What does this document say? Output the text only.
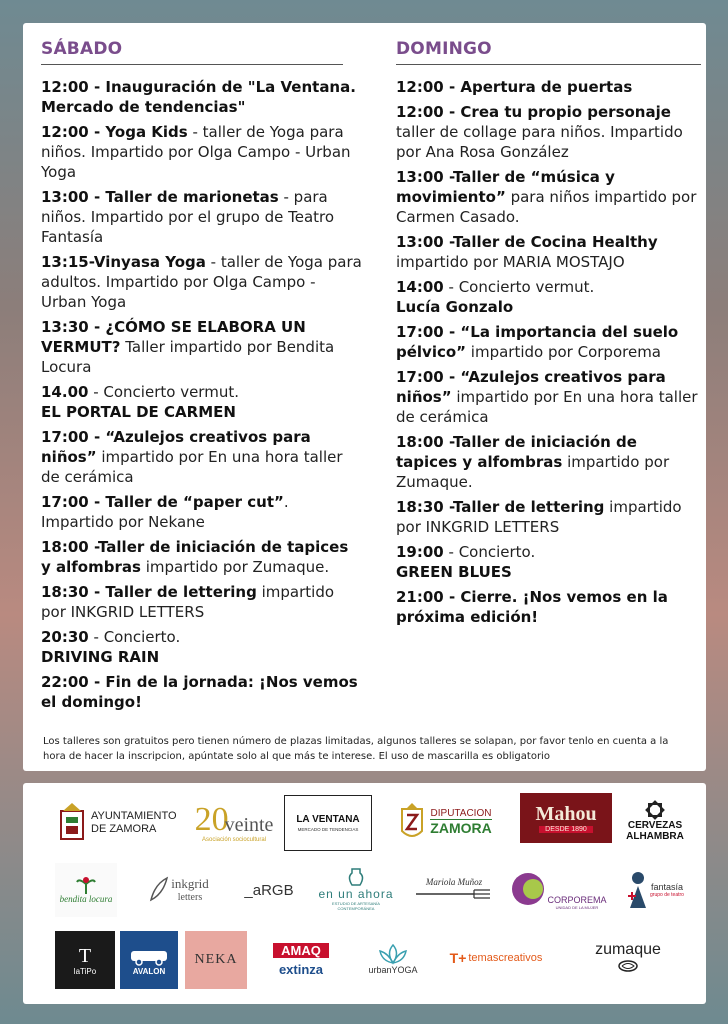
SÁBADO
12:00 - Inauguración de "La Ventana. Mercado de tendencias"
12:00 - Yoga Kids - taller de Yoga para niños. Impartido por Olga Campo - Urban Yoga
13:00 - Taller de marionetas - para niños. Impartido por el grupo de Teatro Fantasía
13:15-Vinyasa Yoga - taller de Yoga para adultos. Impartido por Olga Campo - Urban Yoga
13:30 - ¿CÓMO SE ELABORA UN VERMUT? Taller impartido por Bendita Locura
14.00 - Concierto vermut.
EL PORTAL DE CARMEN
17:00 - “Azulejos creativos para niños” impartido por En una hora taller de cerámica
17:00 - Taller de “paper cut”. Impartido por Nekane
18:00 -Taller de iniciación de tapices y alfombras impartido por Zumaque.
18:30 - Taller de lettering impartido por INKGRID LETTERS
20:30 - Concierto.
DRIVING RAIN
22:00 - Fin de la jornada: ¡Nos vemos el domingo!
DOMINGO
12:00 - Apertura de puertas
12:00 - Crea tu propio personaje taller de collage para niños. Impartido por Ana Rosa González
13:00 -Taller de “música y movimiento” para niños impartido por Carmen Casado.
13:00 -Taller de Cocina Healthy impartido por MARIA MOSTAJO
14:00 - Concierto vermut.
Lucía Gonzalo
17:00 - “La importancia del suelo pélvico” impartido por Corporema
17:00 - “Azulejos creativos para niños” impartido por En una hora taller de cerámica
18:00 -Taller de iniciación de tapices y alfombras impartido por Zumaque.
18:30 -Taller de lettering impartido por INKGRID LETTERS
19:00 - Concierto.
GREEN BLUES
21:00 - Cierre. ¡Nos vemos en la próxima edición!
Los talleres son gratuitos pero tienen número de plazas limitadas, algunos talleres se solapan, por favor tenlo en cuenta a la hora de hacer la inscripcion, apúntate solo al que más te interese. El uso de mascarilla es obligatorio
AYUNTAMIENTO DE ZAMORA	20
veinte
Asociación sociocultural
LA VENTANA
MERCADO DE TENDENCIAS
DIPUTACION
ZAMORA
Mahou
DESDE 1890	CERVEZAS
ALHAMBRA
bendita locura
inkgrid
letters	_aRGB en un ahora
ESTUDIO DE ARTESANÍA CONTEMPORÁNEA
Mariola Muñoz
CORPOREMA
UNIDAD DE LA MUJER
fantasía
grupo de teatro
T
laTiPo	AVALON
NEKA
AMAQ
extinza	urbanYOGA
T+ temascreativos	zumaque
